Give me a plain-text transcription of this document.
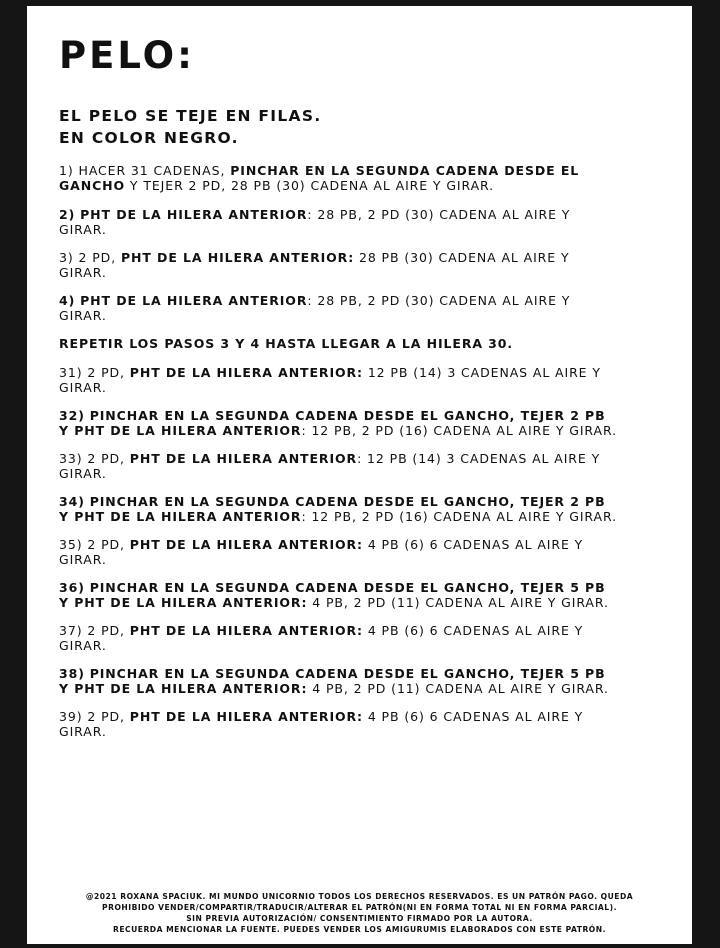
PELO:
EL PELO SE TEJE EN FILAS.
EN COLOR NEGRO.

1) HACER 31 CADENAS, PINCHAR EN LA SEGUNDA CADENA DESDE EL GANCHO Y TEJER 2 PD, 28 PB (30) CADENA AL AIRE Y GIRAR.

2) PHT DE LA HILERA ANTERIOR: 28 PB, 2 PD (30) CADENA AL AIRE Y GIRAR.

3) 2 PD, PHT DE LA HILERA ANTERIOR: 28 PB (30) CADENA AL AIRE Y GIRAR.

4) PHT DE LA HILERA ANTERIOR: 28 PB, 2 PD (30) CADENA AL AIRE Y GIRAR.

REPETIR LOS PASOS 3 Y 4 HASTA LLEGAR A LA HILERA 30.

31) 2 PD, PHT DE LA HILERA ANTERIOR: 12 PB (14) 3 CADENAS AL AIRE Y GIRAR.

32) PINCHAR EN LA SEGUNDA CADENA DESDE EL GANCHO, TEJER 2 PB Y PHT DE LA HILERA ANTERIOR: 12 PB, 2 PD (16) CADENA AL AIRE Y GIRAR.

33) 2 PD, PHT DE LA HILERA ANTERIOR: 12 PB (14) 3 CADENAS AL AIRE Y GIRAR.

34) PINCHAR EN LA SEGUNDA CADENA DESDE EL GANCHO, TEJER 2 PB Y PHT DE LA HILERA ANTERIOR: 12 PB, 2 PD (16) CADENA AL AIRE Y GIRAR.

35) 2 PD, PHT DE LA HILERA ANTERIOR: 4 PB (6) 6 CADENAS AL AIRE Y GIRAR.

36) PINCHAR EN LA SEGUNDA CADENA DESDE EL GANCHO, TEJER 5 PB Y PHT DE LA HILERA ANTERIOR: 4 PB, 2 PD (11) CADENA AL AIRE Y GIRAR.

37) 2 PD, PHT DE LA HILERA ANTERIOR: 4 PB (6) 6 CADENAS AL AIRE Y GIRAR.

38) PINCHAR EN LA SEGUNDA CADENA DESDE EL GANCHO, TEJER 5 PB Y PHT DE LA HILERA ANTERIOR: 4 PB, 2 PD (11) CADENA AL AIRE Y GIRAR.

39) 2 PD, PHT DE LA HILERA ANTERIOR: 4 PB (6) 6 CADENAS AL AIRE Y GIRAR.

@2021 ROXANA SPACIUK. MI MUNDO UNICORNIO TODOS LOS DERECHOS RESERVADOS. ES UN PATRÓN PAGO. QUEDA
PROHIBIDO VENDER/COMPARTIR/TRADUCIR/ALTERAR EL PATRÓN(NI EN FORMA TOTAL NI EN FORMA PARCIAL).
SIN PREVIA AUTORIZACIÓN/ CONSENTIMIENTO FIRMADO POR LA AUTORA.
RECUERDA MENCIONAR LA FUENTE. PUEDES VENDER LOS AMIGURUMIS ELABORADOS CON ESTE PATRÓN.
